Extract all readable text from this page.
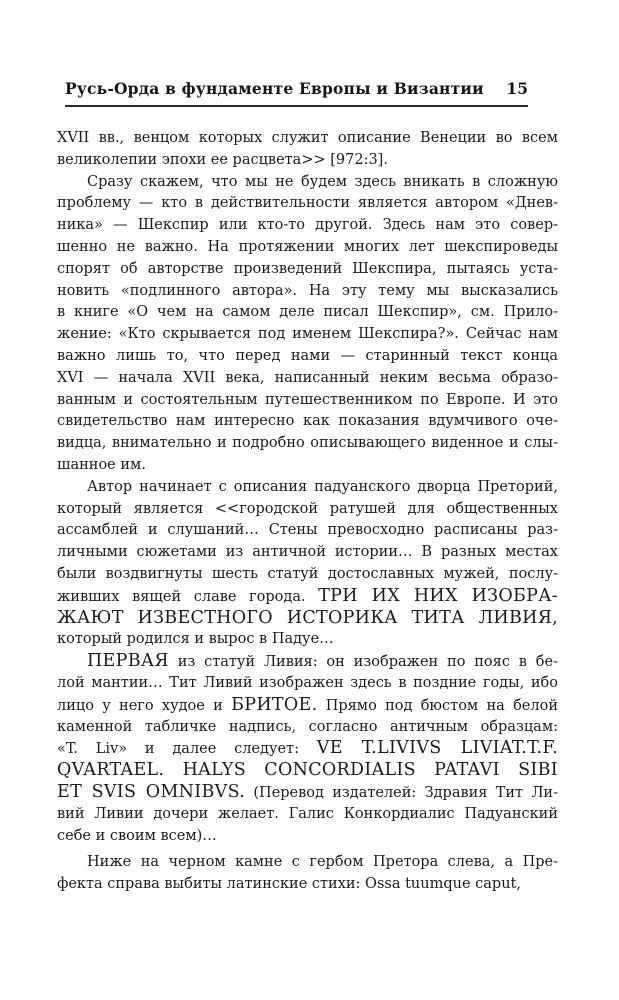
Русь-Орда в фундаменте Европы и Византии 15
XVII вв., венцом которых служит описание Венеции во всем
великолепии эпохи ее расцвета>> [972:3].
Сразу скажем, что мы не будем здесь вникать в сложную
проблему — кто в действительности является автором «Днев-
ника» — Шекспир или кто-то другой. Здесь нам это совер-
шенно не важно. На протяжении многих лет шекспироведы
спорят об авторстве произведений Шекспира, пытаясь уста-
новить «подлинного автора». На эту тему мы высказались
в книге «О чем на самом деле писал Шекспир», см. Прило-
жение: «Кто скрывается под именем Шекспира?». Сейчас нам
важно лишь то, что перед нами — старинный текст конца
XVI — начала XVII века, написанный неким весьма образо-
ванным и состоятельным путешественником по Европе. И это
свидетельство нам интересно как показания вдумчивого оче-
видца, внимательно и подробно описывающего виденное и слы-
шанное им.
Автор начинает с описания падуанского дворца Преторий,
который является <<городской ратушей для общественных
ассамблей и слушаний… Стены превосходно расписаны раз-
личными сюжетами из античной истории… В разных местах
были воздвигнуты шесть статуй достославных мужей, послу-
живших вящей славе города. ТРИ ИХ НИХ ИЗОБРА-
ЖАЮТ ИЗВЕСТНОГО ИСТОРИКА ТИТА ЛИВИЯ,
который родился и вырос в Падуе…
ПЕРВАЯ из статуй Ливия: он изображен по пояс в бе-
лой мантии… Тит Ливий изображен здесь в поздние годы, ибо
лицо у него худое и БРИТОЕ. Прямо под бюстом на белой
каменной табличке надпись, согласно античным образцам:
«T. Liv» и далее следует: VE T.LIVIVS LIVIAT.T.F.
QVARTAEL. HALYS CONCORDIALIS PATAVI SIBI
ET SVIS OMNIBVS. (Перевод издателей: Здравия Тит Ли-
вий Ливии дочери желает. Галис Конкордиалис Падуанский
себе и своим всем)…
Ниже на черном камне с гербом Претора слева, а Пре-
фекта справа выбиты латинские стихи: Ossa tuumque caput,
